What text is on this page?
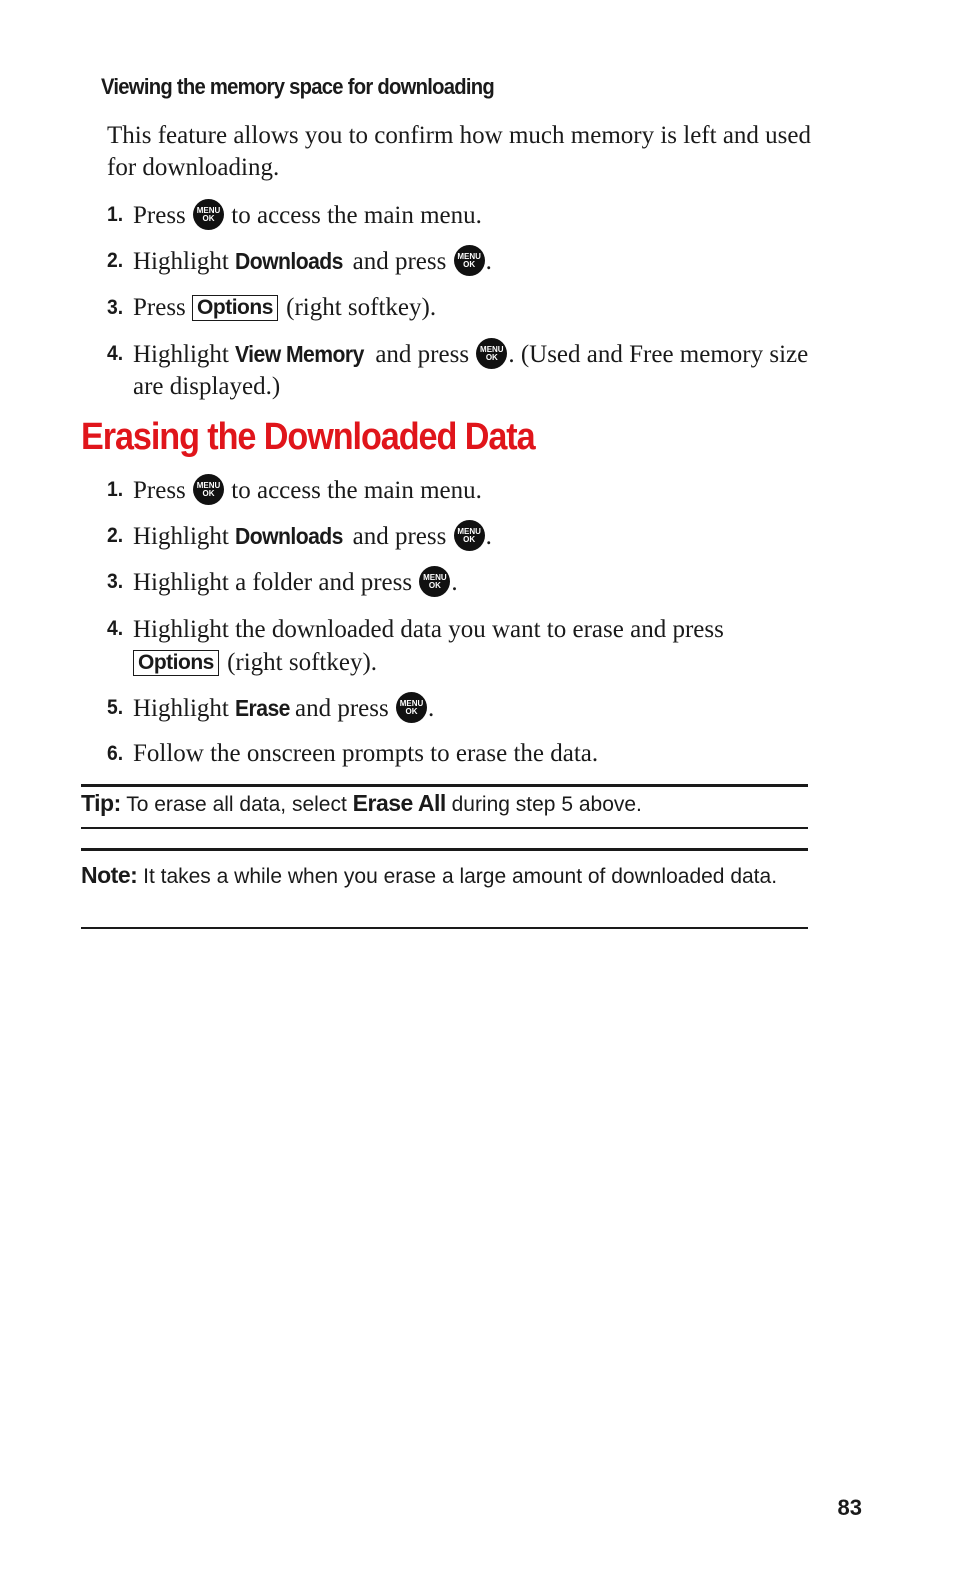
Viewing the memory space for downloading
This feature allows you to confirm how much memory is left and used for downloading.
1. Press MENU
OK to access the main menu.
2. Highlight Downloads and press MENU
OK .
3. Press Options (right softkey).
4. Highlight View Memory and press MENU
OK . (Used and Free memory size are displayed.)
Erasing the Downloaded Data
1. Press MENU
OK to access the main menu.
2. Highlight Downloads and press MENU
OK .
3. Highlight a folder and press MENU
OK .
4. Highlight the downloaded data you want to erase and press Options (right softkey).
5. Highlight Erase and press MENU
OK .
6. Follow the onscreen prompts to erase the data.
Tip: To erase all data, select Erase All during step 5 above.
Note: It takes a while when you erase a large amount of downloaded data.
83
